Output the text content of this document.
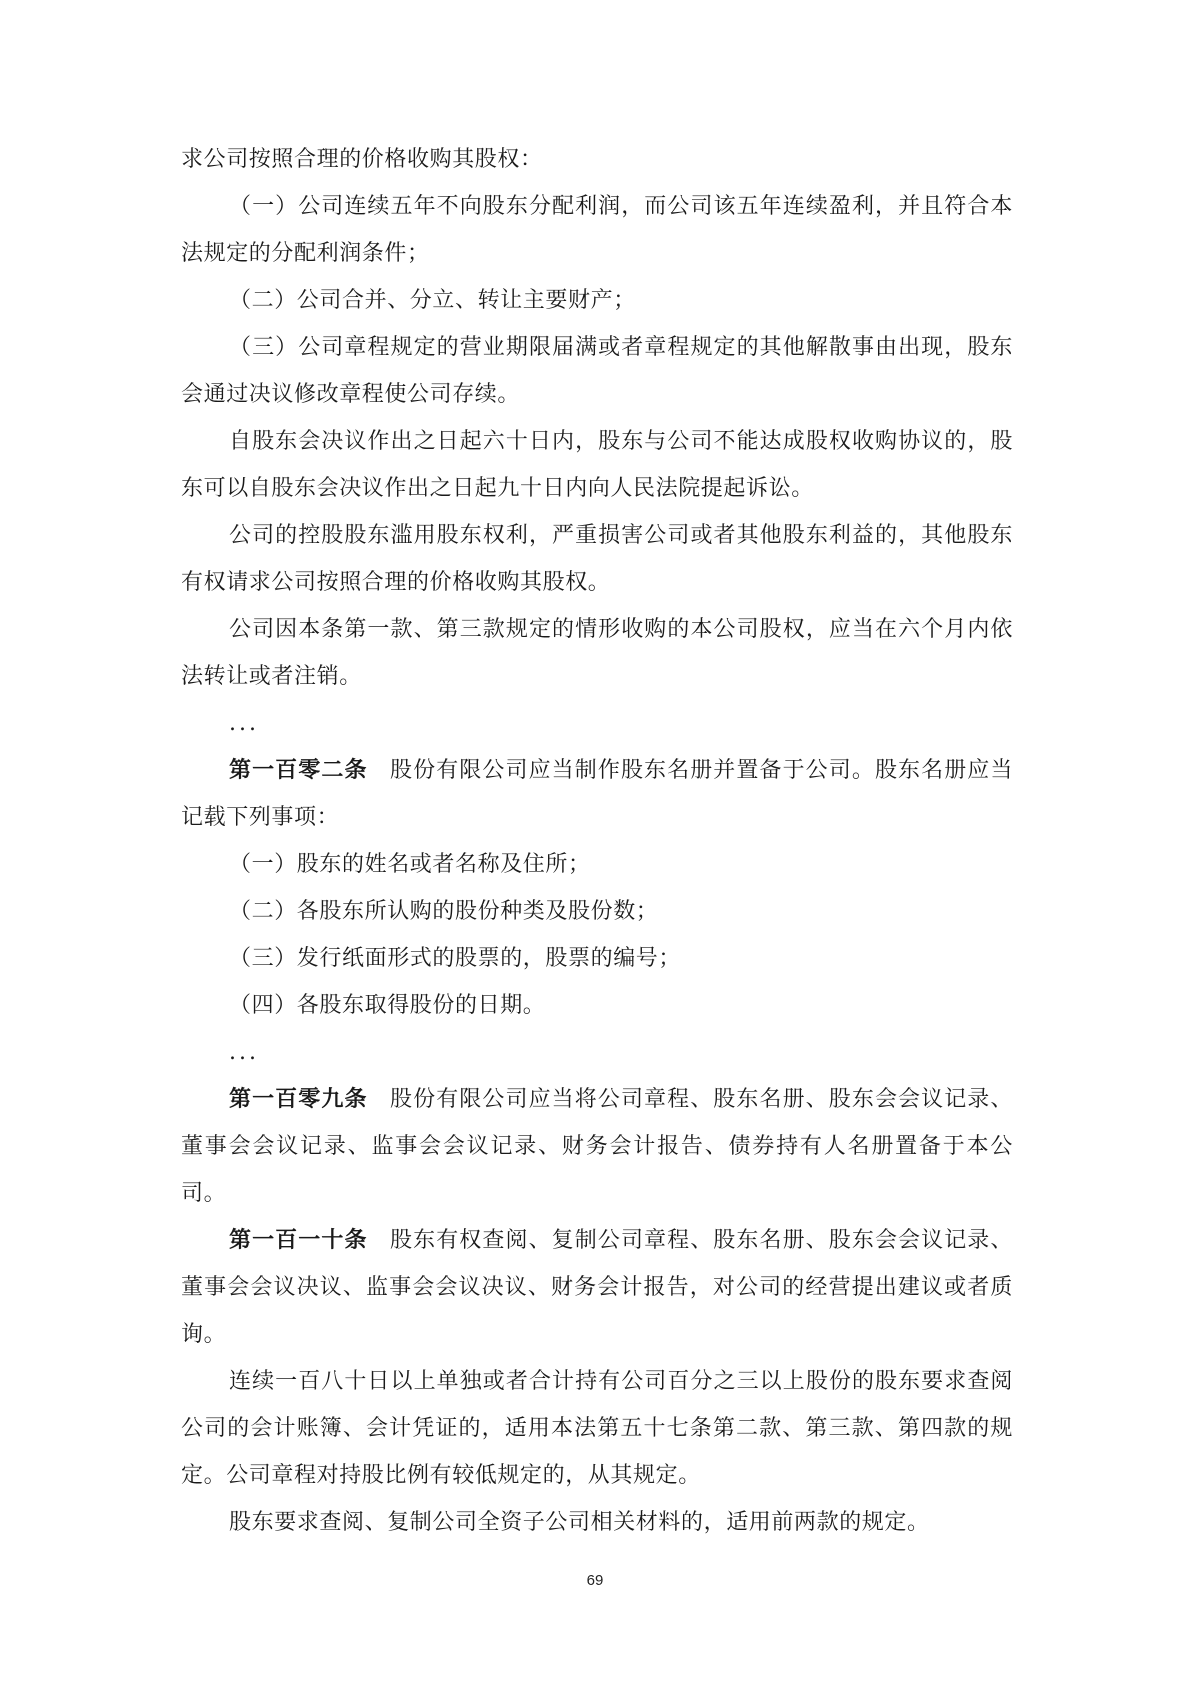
求公司按照合理的价格收购其股权：

（一）公司连续五年不向股东分配利润，而公司该五年连续盈利，并且符合本法规定的分配利润条件；

（二）公司合并、分立、转让主要财产；

（三）公司章程规定的营业期限届满或者章程规定的其他解散事由出现，股东会通过决议修改章程使公司存续。

自股东会决议作出之日起六十日内，股东与公司不能达成股权收购协议的，股东可以自股东会决议作出之日起九十日内向人民法院提起诉讼。

公司的控股股东滥用股东权利，严重损害公司或者其他股东利益的，其他股东有权请求公司按照合理的价格收购其股权。

公司因本条第一款、第三款规定的情形收购的本公司股权，应当在六个月内依法转让或者注销。

...

第一百零二条 股份有限公司应当制作股东名册并置备于公司。股东名册应当记载下列事项：

（一）股东的姓名或者名称及住所；

（二）各股东所认购的股份种类及股份数；

（三）发行纸面形式的股票的，股票的编号；

（四）各股东取得股份的日期。

...

第一百零九条 股份有限公司应当将公司章程、股东名册、股东会会议记录、董事会会议记录、监事会会议记录、财务会计报告、债券持有人名册置备于本公司。

第一百一十条 股东有权查阅、复制公司章程、股东名册、股东会会议记录、董事会会议决议、监事会会议决议、财务会计报告，对公司的经营提出建议或者质询。

连续一百八十日以上单独或者合计持有公司百分之三以上股份的股东要求查阅公司的会计账簿、会计凭证的，适用本法第五十七条第二款、第三款、第四款的规定。公司章程对持股比例有较低规定的，从其规定。

股东要求查阅、复制公司全资子公司相关材料的，适用前两款的规定。

69
